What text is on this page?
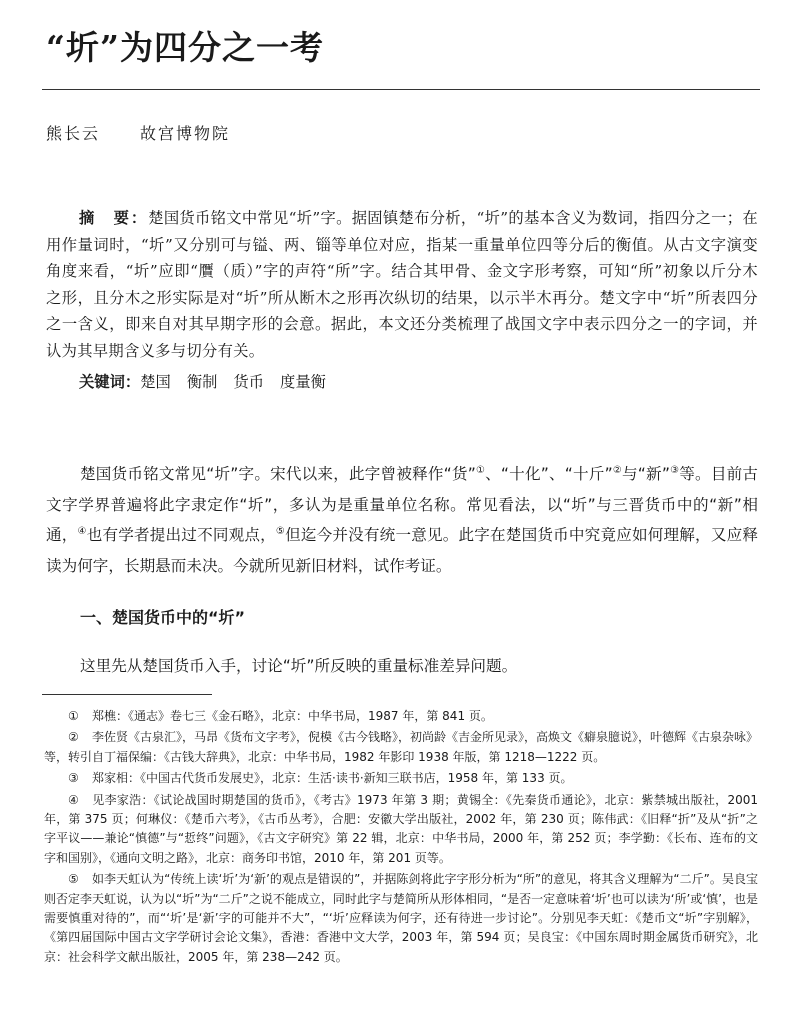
“圻”为四分之一考
熊长云	故宫博物院
摘　要：楚国货币铭文中常见“圻”字。据固镇楚布分析，“圻”的基本含义为数词，指四分之一；在用作量词时，“圻”又分别可与镒、两、锱等单位对应，指某一重量单位四等分后的衡值。从古文字演变角度来看，“圻”应即“贋（质）”字的声符“所”字。结合其甲骨、金文字形考察，可知“所”初象以斤分木之形，且分木之形实际是对“圻”所从断木之形再次纵切的结果，以示半木再分。楚文字中“圻”所表四分之一含义，即来自对其早期字形的会意。据此，本文还分类梳理了战国文字中表示四分之一的字词，并认为其早期含义多与切分有关。
关键词：楚国 衡制 货币 度量衡
楚国货币铭文常见“圻”字。宋代以来，此字曾被释作“货”①、“十化”、“十斤”②与“新”③等。目前古文字学界普遍将此字隶定作“圻”，多认为是重量单位名称。常见看法，以“圻”与三晋货币中的“新”相通，④也有学者提出过不同观点，⑤但迄今并没有统一意见。此字在楚国货币中究竟应如何理解，又应释读为何字，长期悬而未决。今就所见新旧材料，试作考证。
一、楚国货币中的“圻”
这里先从楚国货币入手，讨论“圻”所反映的重量标准差异问题。

① 郑樵：《通志》卷七三《金石略》，北京：中华书局，1987 年，第 841 页。

② 李佐贤《古泉汇》，马昂《货布文字考》，倪模《古今钱略》，初尚龄《吉金所见录》，高焕文《癖泉臆说》，叶德辉《古泉杂咏》等，转引自丁福保编：《古钱大辞典》，北京：中华书局，1982 年影印 1938 年版，第 1218—1222 页。

③ 郑家相：《中国古代货币发展史》，北京：生活·读书·新知三联书店，1958 年，第 133 页。

④ 见李家浩：《试论战国时期楚国的货币》，《考古》1973 年第 3 期；黄锡全：《先秦货币通论》，北京：紫禁城出版社，2001 年，第 375 页；何琳仪：《楚币六考》，《古币丛考》，合肥：安徽大学出版社，2002 年，第 230 页；陈伟武：《旧释“折”及从“折”之字平议——兼论“慎德”与“悊终”问题》，《古文字研究》第 22 辑，北京：中华书局，2000 年，第 252 页；李学勤：《长布、连布的文字和国别》，《通向文明之路》，北京：商务印书馆，2010 年，第 201 页等。

⑤ 如李天虹认为“传统上读‘圻’为‘新’的观点是错误的”，并据陈剑将此字字形分析为“所”的意见，将其含义理解为“二斤”。吴良宝则否定李天虹说，认为以“圻”为“二斤”之说不能成立，同时此字与楚简所从形体相同，“是否一定意味着‘圻’也可以读为‘所’或‘慎’，也是需要慎重对待的”，而“‘圻’是‘新’字的可能并不大”，“‘圻’应释读为何字，还有待进一步讨论”。分别见李天虹：《楚币文“圻”字别解》，《第四届国际中国古文字学研讨会论文集》，香港：香港中文大学，2003 年，第 594 页；吴良宝：《中国东周时期金属货币研究》，北京：社会科学文献出版社，2005 年，第 238—242 页。
